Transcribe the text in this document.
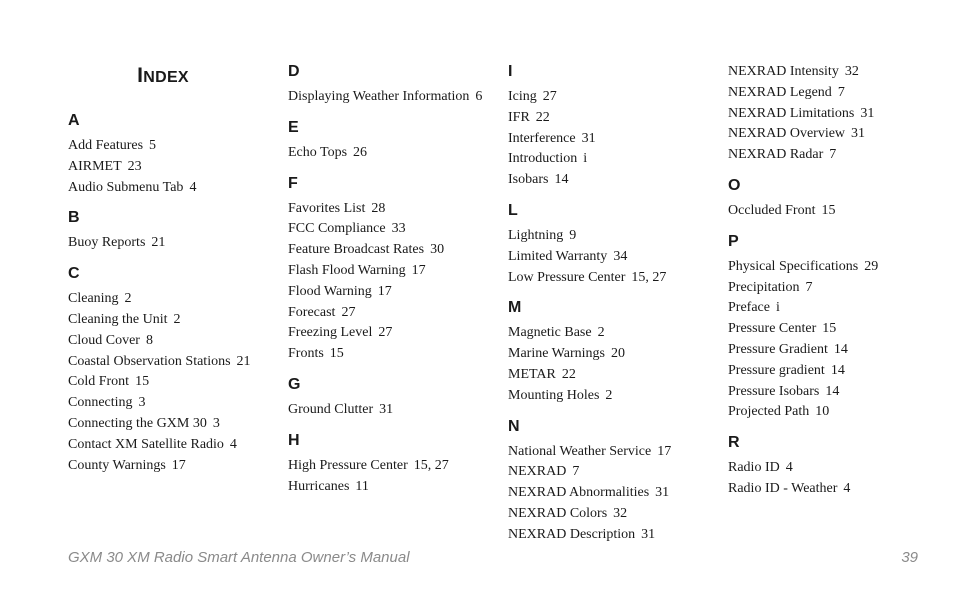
INDEX
A
Add Features 5
AIRMET 23
Audio Submenu Tab 4
B
Buoy Reports 21
C
Cleaning 2
Cleaning the Unit 2
Cloud Cover 8
Coastal Observation Stations 21
Cold Front 15
Connecting 3
Connecting the GXM 30 3
Contact XM Satellite Radio 4
County Warnings 17
D
Displaying Weather Information 6
E
Echo Tops 26
F
Favorites List 28
FCC Compliance 33
Feature Broadcast Rates 30
Flash Flood Warning 17
Flood Warning 17
Forecast 27
Freezing Level 27
Fronts 15
G
Ground Clutter 31
H
High Pressure Center 15, 27
Hurricanes 11
I
Icing 27
IFR 22
Interference 31
Introduction i
Isobars 14
L
Lightning 9
Limited Warranty 34
Low Pressure Center 15, 27
M
Magnetic Base 2
Marine Warnings 20
METAR 22
Mounting Holes 2
N
National Weather Service 17
NEXRAD 7
NEXRAD Abnormalities 31
NEXRAD Colors 32
NEXRAD Description 31
NEXRAD Intensity 32
NEXRAD Legend 7
NEXRAD Limitations 31
NEXRAD Overview 31
NEXRAD Radar 7
O
Occluded Front 15
P
Physical Specifications 29
Precipitation 7
Preface i
Pressure Center 15
Pressure Gradient 14
Pressure gradient 14
Pressure Isobars 14
Projected Path 10
R
Radio ID 4
Radio ID - Weather 4
GXM 30 XM Radio Smart Antenna Owner’s Manual	39
